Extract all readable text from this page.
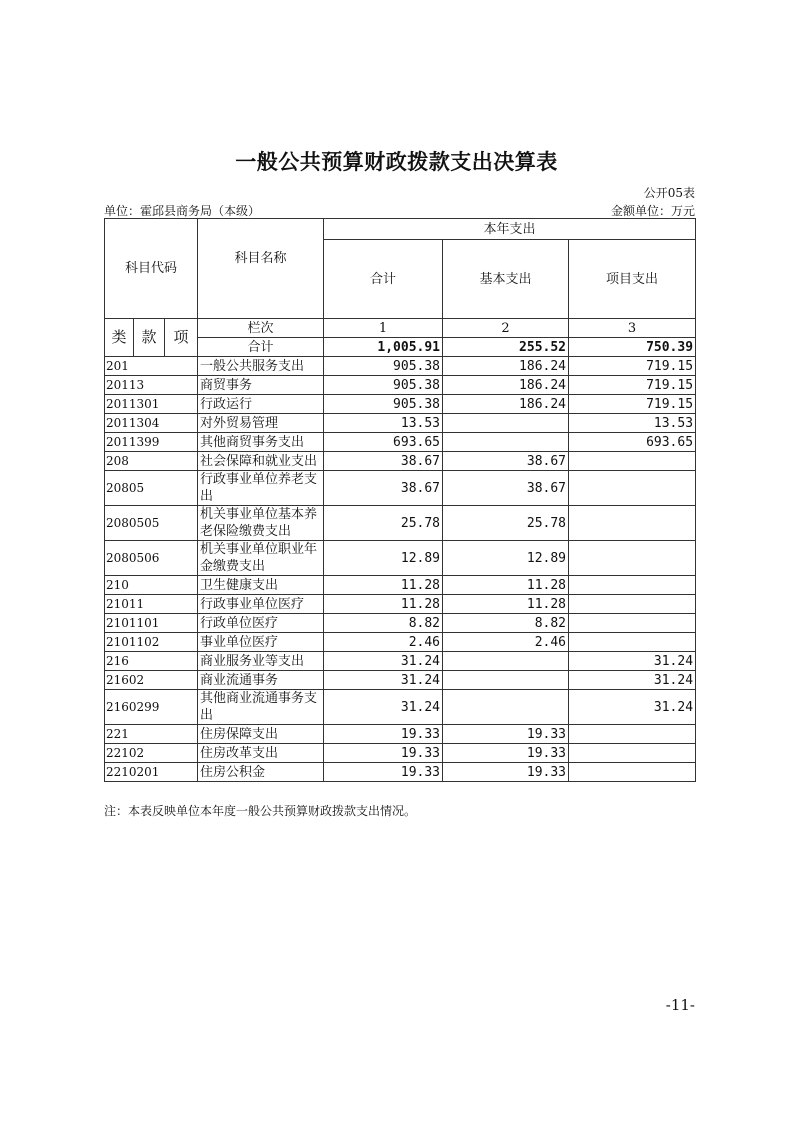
一般公共预算财政拨款支出决算表
公开05表
单位：霍邱县商务局（本级）	金额单位：万元
科目代码			科目名称	本年支出		
				合计	基本支出	项目支出
类	款	项	栏次	1	2	3
			合计	1,005.91	255.52	750.39
201			一般公共服务支出	905.38	186.24	719.15
20113			商贸事务	905.38	186.24	719.15
2011301			行政运行	905.38	186.24	719.15
2011304			对外贸易管理	13.53		13.53
2011399			其他商贸事务支出	693.65		693.65
208			社会保障和就业支出	38.67	38.67	
20805			行政事业单位养老支出	38.67	38.67	
2080505			机关事业单位基本养老保险缴费支出	25.78	25.78	
2080506			机关事业单位职业年金缴费支出	12.89	12.89	
210			卫生健康支出	11.28	11.28	
21011			行政事业单位医疗	11.28	11.28	
2101101			行政单位医疗	8.82	8.82	
2101102			事业单位医疗	2.46	2.46	
216			商业服务业等支出	31.24		31.24
21602			商业流通事务	31.24		31.24
2160299			其他商业流通事务支出	31.24		31.24
221			住房保障支出	19.33	19.33	
22102			住房改革支出	19.33	19.33	
2210201			住房公积金	19.33	19.33	
注：本表反映单位本年度一般公共预算财政拨款支出情况。
-11-
